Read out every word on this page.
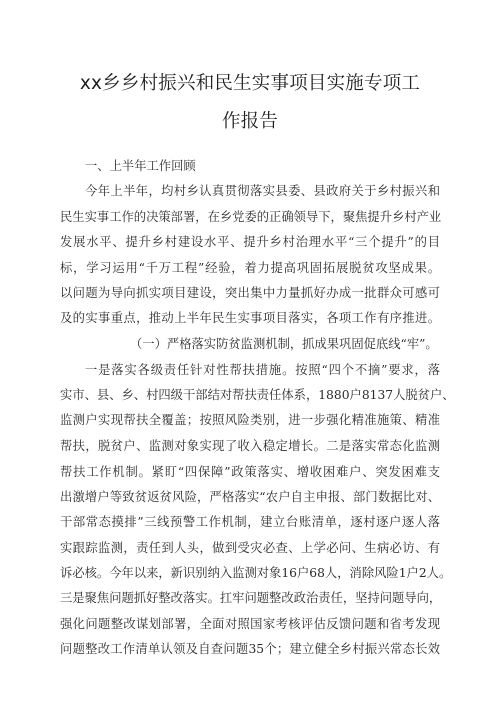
xx乡乡村振兴和民生实事项目实施专项工
作报告
一、上半年工作回顾
今年上半年，均村乡认真贯彻落实县委、县政府关于乡村振兴和
民生实事工作的决策部署，在乡党委的正确领导下，聚焦提升乡村产业
发展水平、提升乡村建设水平、提升乡村治理水平“三个提升”的目
标，学习运用“千万工程”经验，着力提高巩固拓展脱贫攻坚成果。
以问题为导向抓实项目建设，突出集中力量抓好办成一批群众可感可
及的实事重点，推动上半年民生实事项目落实，各项工作有序推进。
（一）严格落实防贫监测机制，抓成果巩固促底线“牢”。
一是落实各级责任针对性帮扶措施。按照“四个不摘”要求，落
实市、县、乡、村四级干部结对帮扶责任体系，1880户8137人脱贫户、
监测户实现帮扶全覆盖；按照风险类别，进一步强化精准施策、精准
帮扶，脱贫户、监测对象实现了收入稳定增长。二是落实常态化监测
帮扶工作机制。紧盯“四保障”政策落实、增收困难户、突发困难支
出激增户等致贫返贫风险，严格落实“农户自主申报、部门数据比对、
干部常态摸排”三线预警工作机制，建立台账清单，逐村逐户逐人落
实跟踪监测，责任到人头，做到受灾必查、上学必问、生病必访、有
诉必核。今年以来，新识别纳入监测对象16户68人，消除风险1户2人。
三是聚焦问题抓好整改落实。扛牢问题整改政治责任，坚持问题导向，
强化问题整改谋划部署，全面对照国家考核评估反馈问题和省考发现
问题整改工作清单认领及自查问题35个；建立健全乡村振兴常态长效
